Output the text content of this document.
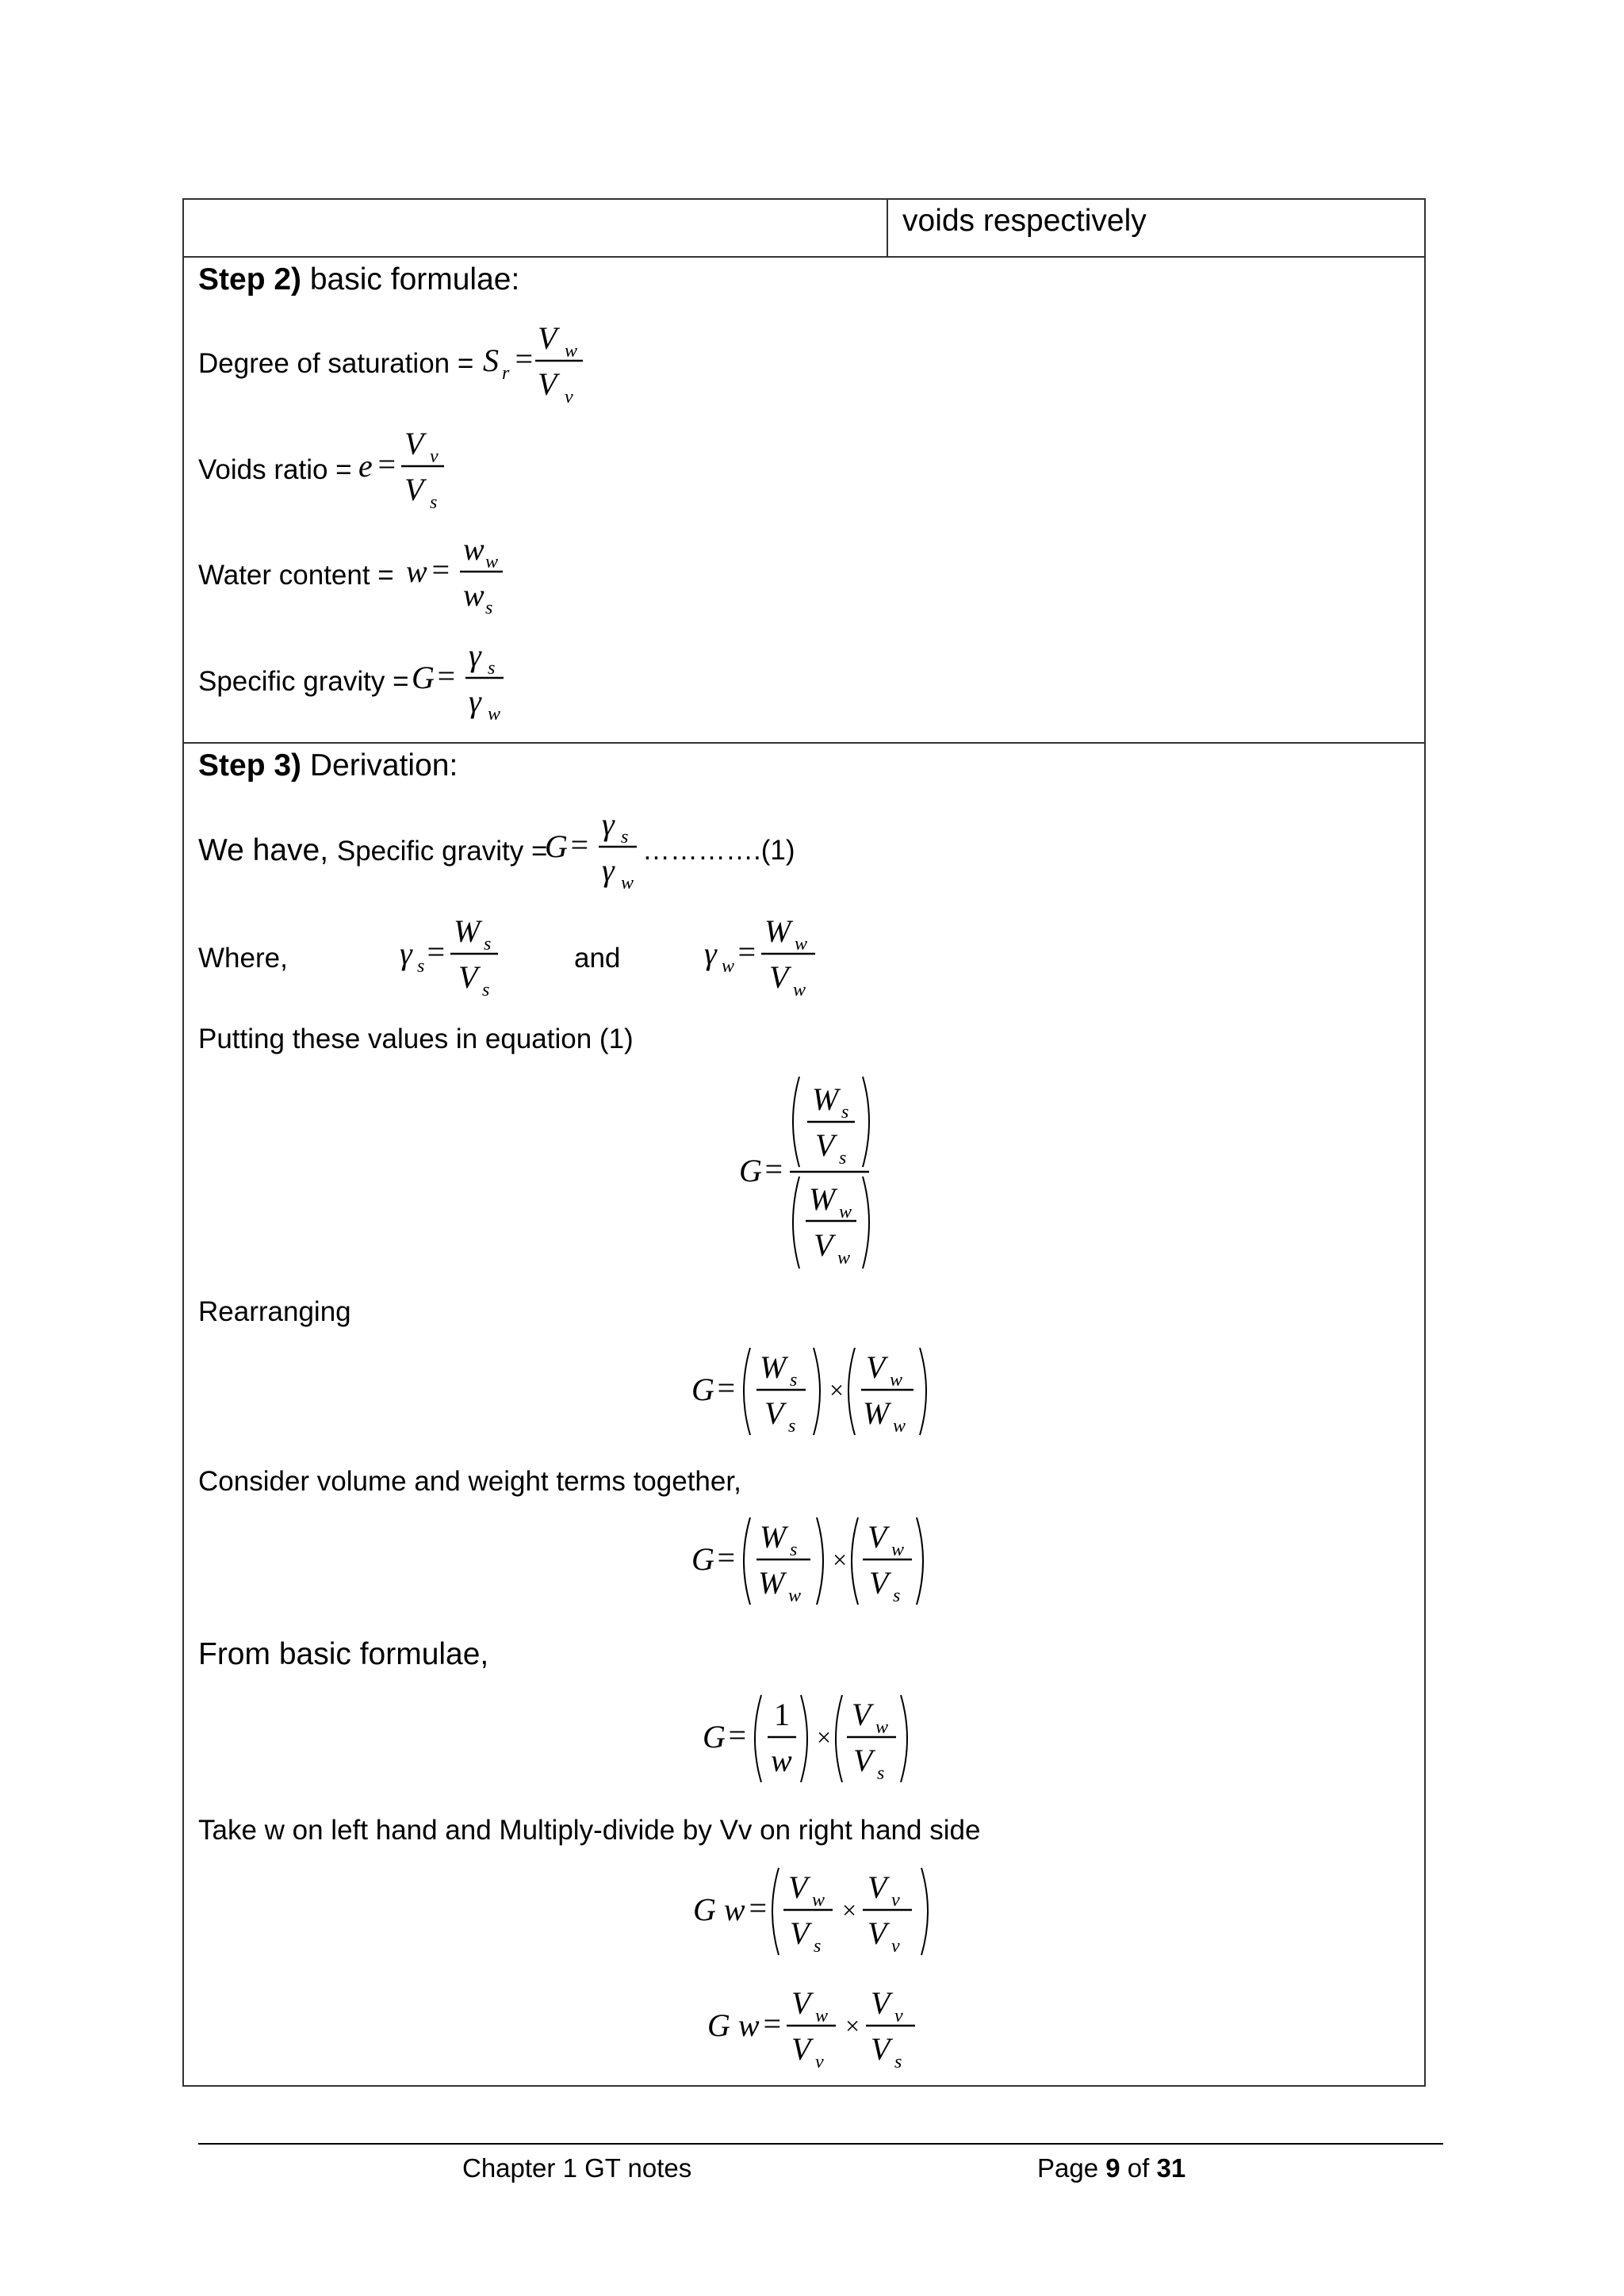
voids respectively
Step 2) basic formulae:
Degree of saturation = S r =
V w
V v
Voids ratio = e =
V v
V s
Water content = w =
w w
w s
Specific gravity = G =
γ s
γ w
Step 3) Derivation:
We have, Specific gravity =
G =
γ s
γ w
………….(1)
Where,	γ s =
W s
V s
and	γ w =
W w
V w
Putting these values in equation (1)
G =
W s
V s
W w
V w
Rearranging
G =
W s
V s
×
V w
W w
Consider volume and weight terms together,
G =
W s
W w
×
V w
V s
From basic formulae,
G =
1
w
×
V w
V s
Take w on left hand and Multiply-divide by Vv on right hand side
G w =
V w
V s
×
V v
V v
G w =
V w
V v
×
V v
V s
Chapter 1 GT notes	Page 9 of 31
